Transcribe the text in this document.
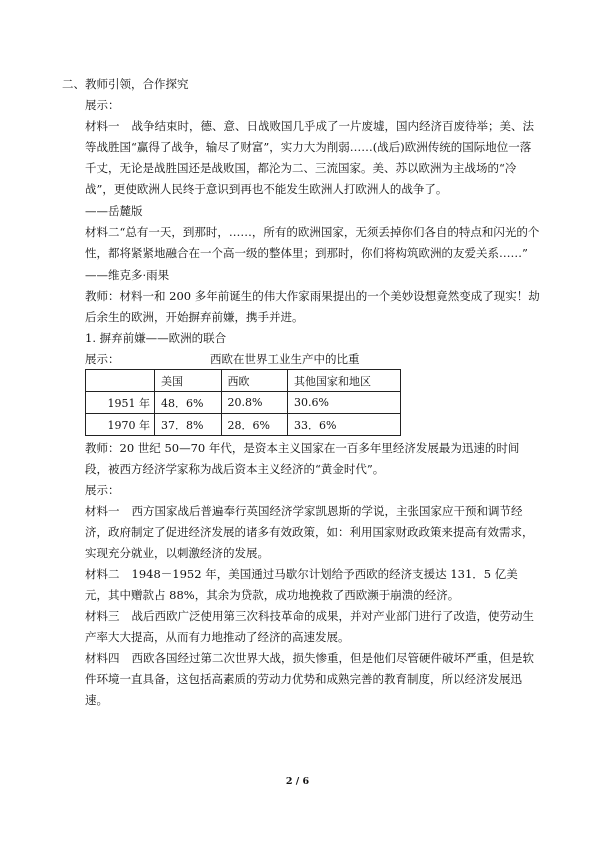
二、教师引领，合作探究
展示：
材料一 战争结束时，德、意、日战败国几乎成了一片废墟，国内经济百废待举；美、法等战胜国“赢得了战争，输尽了财富”，实力大为削弱……(战后)欧洲传统的国际地位一落千丈，无论是战胜国还是战败国，都沦为二、三流国家。美、苏以欧洲为主战场的“冷战”，更使欧洲人民终于意识到再也不能发生欧洲人打欧洲人的战争了。
——岳麓版
材料二“总有一天，到那时，……，所有的欧洲国家，无须丢掉你们各自的特点和闪光的个性，都将紧紧地融合在一个高一级的整体里；到那时，你们将构筑欧洲的友爱关系……”
——维克多·雨果
教师：材料一和 200 多年前诞生的伟大作家雨果提出的一个美妙设想竟然变成了现实！劫后余生的欧洲，开始摒弃前嫌，携手并进。
1. 摒弃前嫌——欧洲的联合
展示：	西欧在世界工业生产中的比重
	美国	西欧	其他国家和地区
1951 年	48．6%	20.8%	30.6%
1970 年	37．8%	28．6%	33．6%
教师：20 世纪 50—70 年代，是资本主义国家在一百多年里经济发展最为迅速的时间段，被西方经济学家称为战后资本主义经济的“黄金时代”。
展示：
材料一 西方国家战后普遍奉行英国经济学家凯恩斯的学说，主张国家应干预和调节经济，政府制定了促进经济发展的诸多有效政策，如：利用国家财政政策来提高有效需求，实现充分就业，以刺激经济的发展。
材料二 1948－1952 年，美国通过马歇尔计划给予西欧的经济支援达 131．5 亿美元，其中赠款占 88%，其余为贷款，成功地挽救了西欧濒于崩溃的经济。
材料三 战后西欧广泛使用第三次科技革命的成果，并对产业部门进行了改造，使劳动生产率大大提高，从而有力地推动了经济的高速发展。
材料四 西欧各国经过第二次世界大战，损失惨重，但是他们尽管硬件破坏严重，但是软件环境一直具备，这包括高素质的劳动力优势和成熟完善的教育制度，所以经济发展迅速。
2 / 6
